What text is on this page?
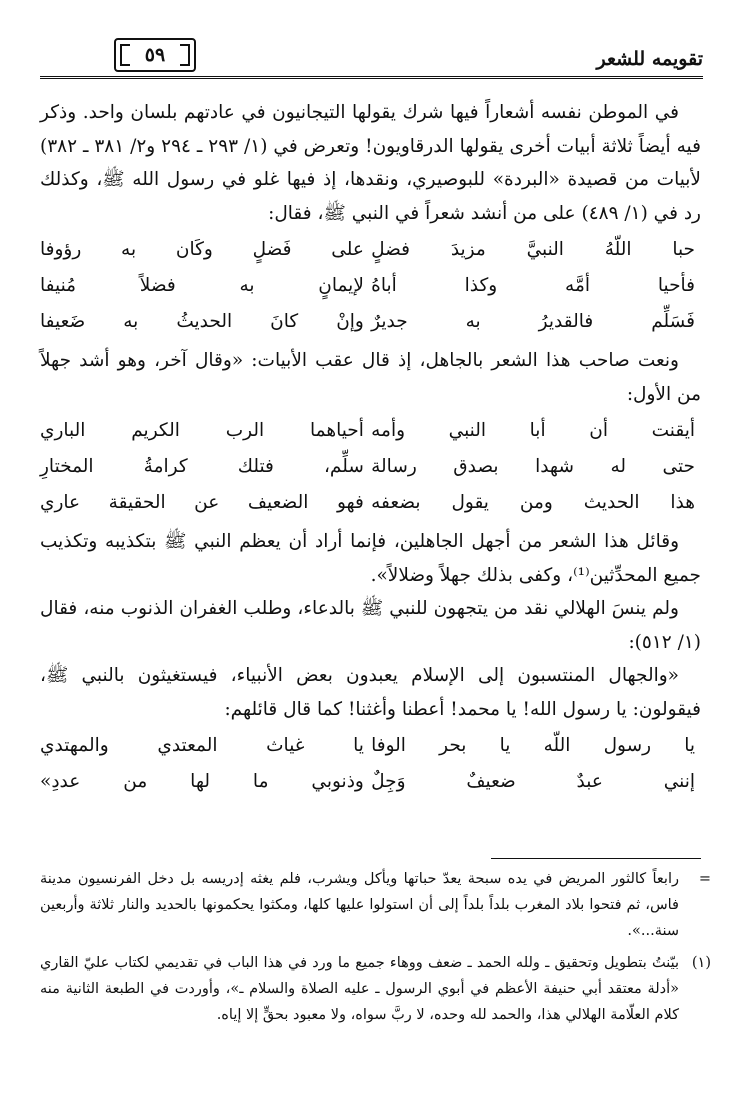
تقويمه للشعر
٥٩

في الموطن نفسه أشعاراً فيها شرك يقولها التيجانيون في عادتهم بلسان واحد. وذكر فيه أيضاً ثلاثة أبيات أخرى يقولها الدرقاويون! وتعرض في (١/ ٢٩٣ ـ ٢٩٤ و٢/ ٣٨١ ـ ٣٨٢) لأبيات من قصيدة «البردة» للبوصيري، ونقدها، إذ فيها غلو في رسول الله ﷺ، وكذلك رد في (١/ ٤٨٩) على من أنشد شعراً في النبي ﷺ، فقال:

حبا اللّهُ النبيَّ مزيدَ فضلٍ
على فَضلٍ وكَان به رؤوفا
فأحيا أمَّه وكذا أباهُ
لإيمانٍ به فضلاً مُنيفا
فَسَلِّم فالقديرُ به جديرٌ
وإنْ كانَ الحديثُ به ضَعيفا

ونعت صاحب هذا الشعر بالجاهل، إذ قال عقب الأبيات: «وقال آخر، وهو أشد جهلاً من الأول:

أيقنت أن أبا النبي وأمه
أحياهما الرب الكريم الباري
حتى له شهدا بصدق رسالة
سلِّم، فتلك كرامةُ المختارِ
هذا الحديث ومن يقول بضعفه
فهو الضعيف عن الحقيقة عاري

وقائل هذا الشعر من أجهل الجاهلين، فإنما أراد أن يعظم النبي ﷺ بتكذيبه وتكذيب جميع المحدِّثين⁽¹⁾، وكفى بذلك جهلاً وضلالاً».

ولم ينسَ الهلالي نقد من يتجهون للنبي ﷺ بالدعاء، وطلب الغفران الذنوب منه، فقال (١/ ٥١٢):

«والجهال المنتسبون إلى الإسلام يعبدون بعض الأنبياء، فيستغيثون بالنبي ﷺ، فيقولون: يا رسول الله! يا محمد! أعطنا وأغثنا! كما قال قائلهم:

يا رسول اللّه يا بحر الوفا
يا غياث المعتدي والمهتدي
إنني عبدٌ ضعيفٌ وَجِلٌ
وذنوبي ما لها من عددِ»
=
رابعاً كالثور المريض في يده سبحة يعدّ حباتها ويأكل ويشرب، فلم يغثه إدريسه بل دخل الفرنسيون مدينة فاس، ثم فتحوا بلاد المغرب بلداً بلداً إلى أن استولوا عليها كلها، ومكثوا يحكمونها بالحديد والنار ثلاثة وأربعين سنة...».
(١)
بيّنتُ بتطويل وتحقيق ـ ولله الحمد ـ ضعف ووهاء جميع ما ورد في هذا الباب في تقديمي لكتاب عليّ القاري «أدلة معتقد أبي حنيفة الأعظم في أبوي الرسول ـ عليه الصلاة والسلام ـ»، وأوردت في الطبعة الثانية منه كلام العلّامة الهلالي هذا، والحمد لله وحده، لا ربَّ سواه، ولا معبود بحقٍّ إلا إياه.
